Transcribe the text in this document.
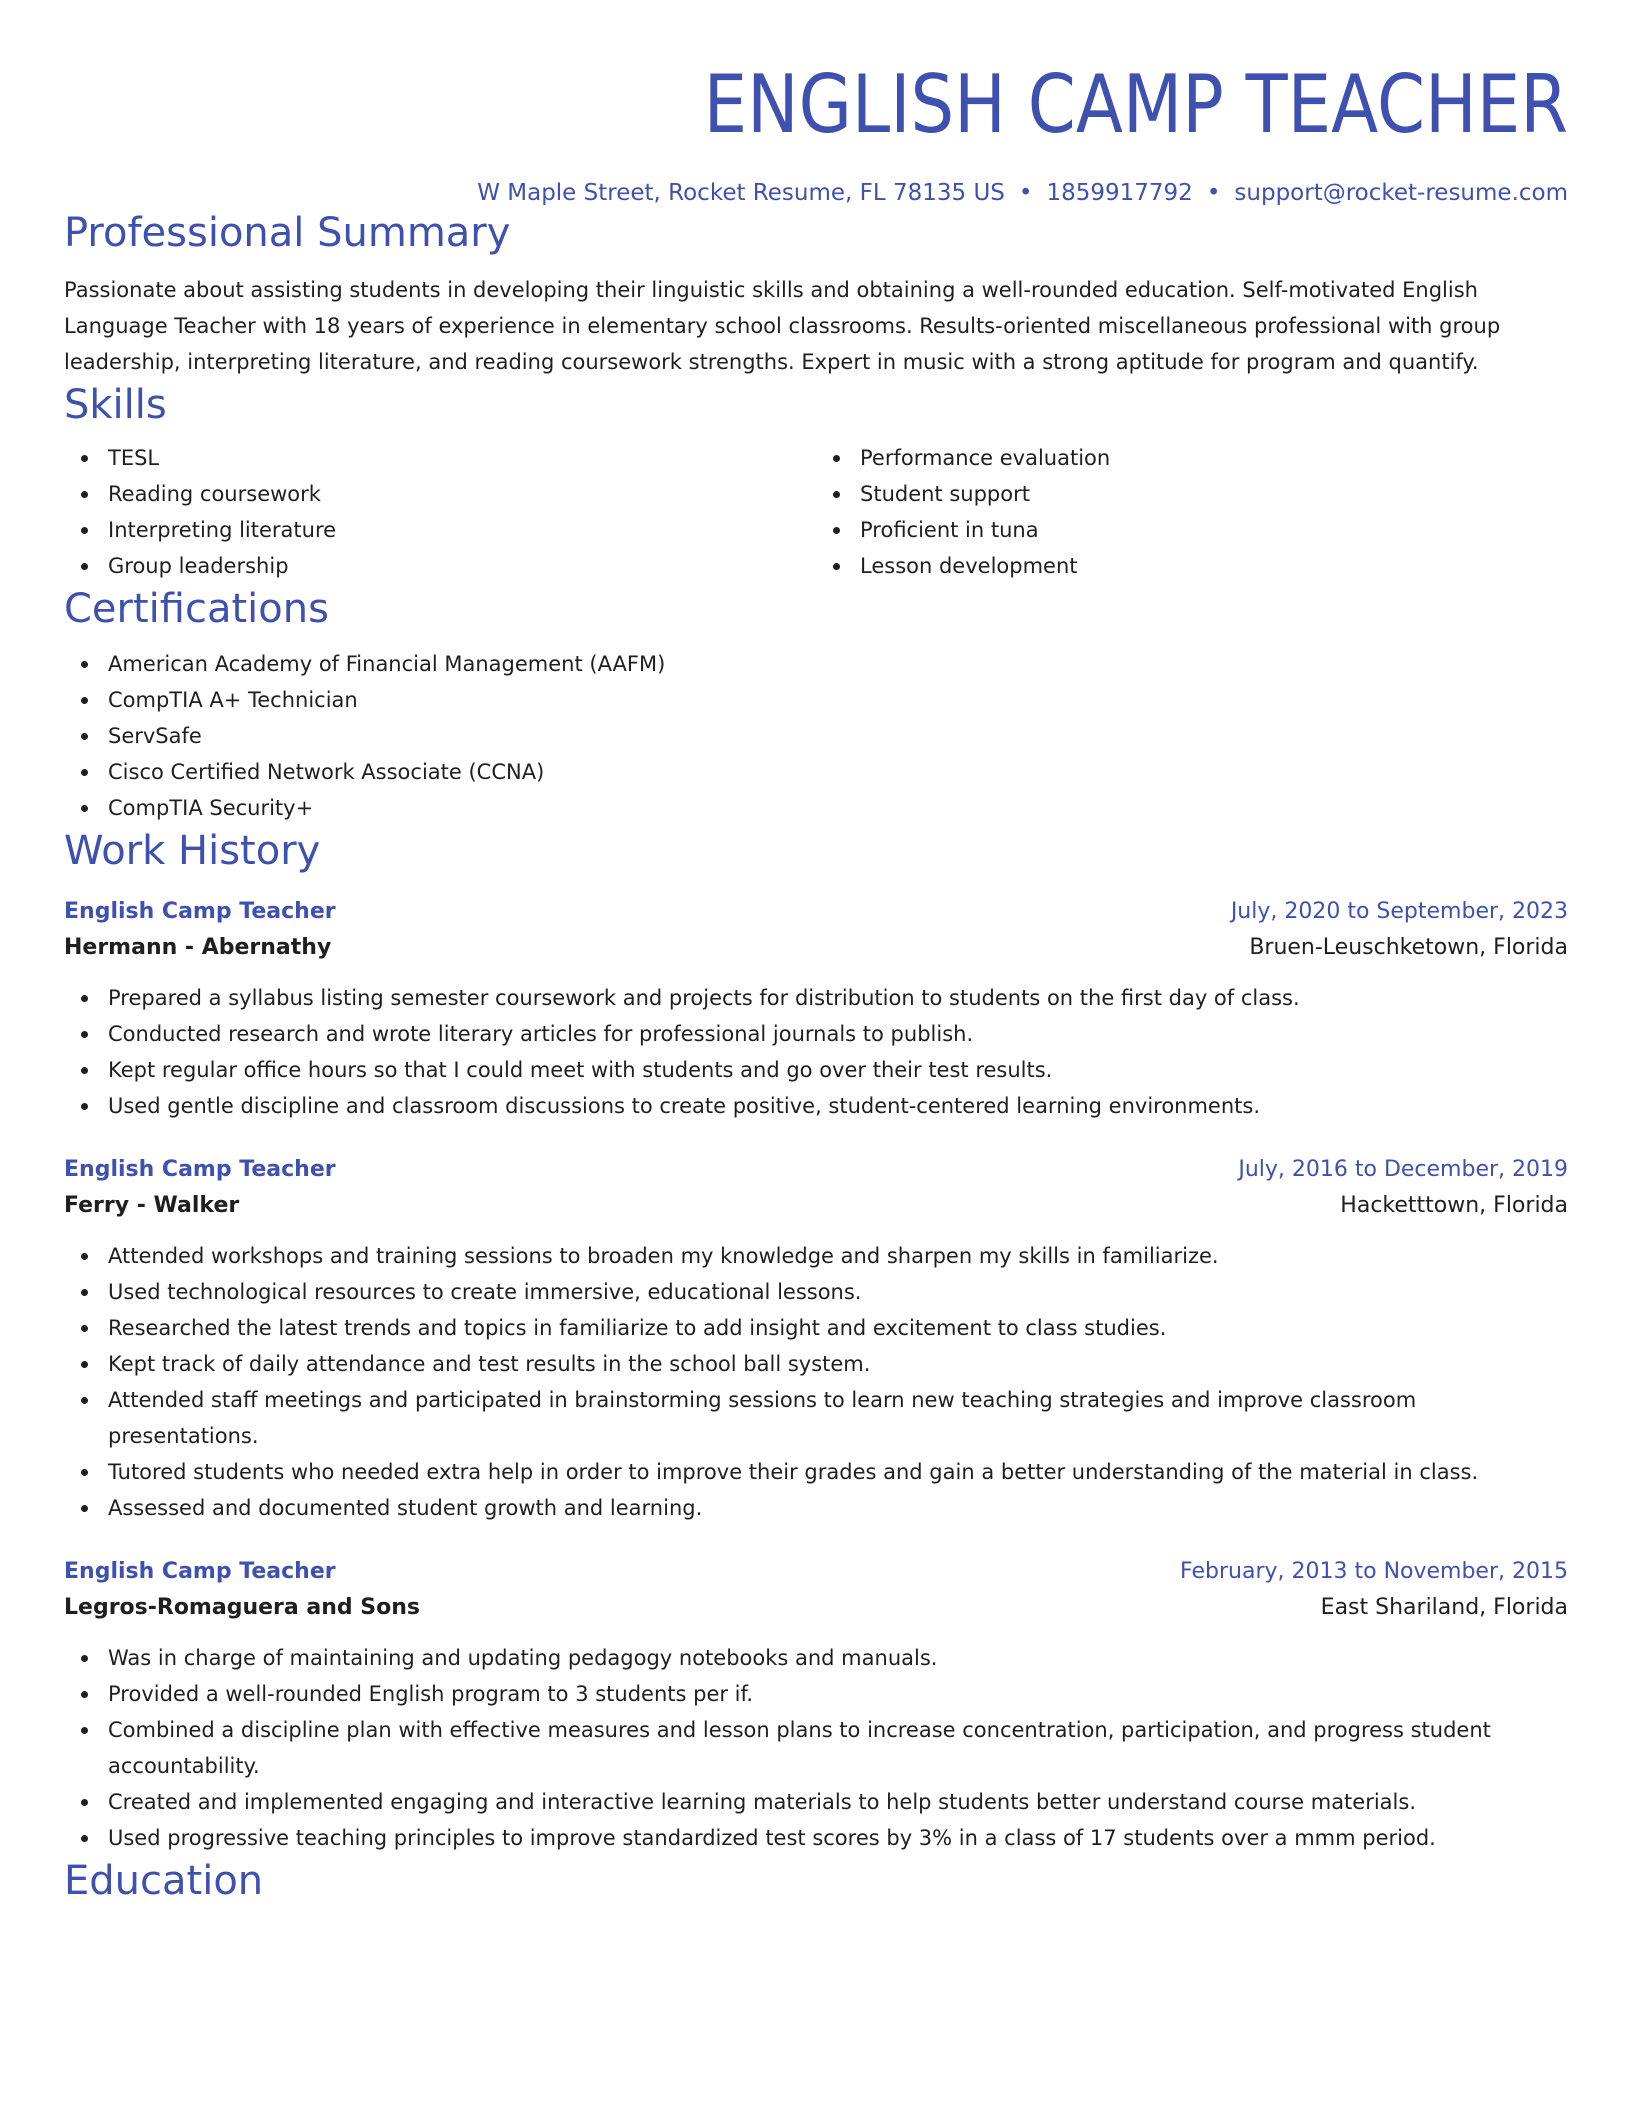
ENGLISH CAMP TEACHER
W Maple Street, Rocket Resume, FL 78135 US • 1859917792 • support@rocket-resume.com
Professional Summary

Passionate about assisting students in developing their linguistic skills and obtaining a well-rounded education. Self-motivated English Language Teacher with 18 years of experience in elementary school classrooms. Results-oriented miscellaneous professional with group leadership, interpreting literature, and reading coursework strengths. Expert in music with a strong aptitude for program and quantify.

Skills
TESL
Reading coursework
Interpreting literature
Group leadership
Performance evaluation
Student support
Proficient in tuna
Lesson development
Certifications
American Academy of Financial Management (AAFM)
CompTIA A+ Technician
ServSafe
Cisco Certified Network Associate (CCNA)
CompTIA Security+
Work History
English Camp Teacher	July, 2020 to September, 2023
Hermann - Abernathy	Bruen-Leuschketown, Florida
Prepared a syllabus listing semester coursework and projects for distribution to students on the first day of class.
Conducted research and wrote literary articles for professional journals to publish.
Kept regular office hours so that I could meet with students and go over their test results.
Used gentle discipline and classroom discussions to create positive, student-centered learning environments.
English Camp Teacher	July, 2016 to December, 2019
Ferry - Walker	Hacketttown, Florida
Attended workshops and training sessions to broaden my knowledge and sharpen my skills in familiarize.
Used technological resources to create immersive, educational lessons.
Researched the latest trends and topics in familiarize to add insight and excitement to class studies.
Kept track of daily attendance and test results in the school ball system.
Attended staff meetings and participated in brainstorming sessions to learn new teaching strategies and improve classroom presentations.
Tutored students who needed extra help in order to improve their grades and gain a better understanding of the material in class.
Assessed and documented student growth and learning.
English Camp Teacher	February, 2013 to November, 2015
Legros-Romaguera and Sons	East Shariland, Florida
Was in charge of maintaining and updating pedagogy notebooks and manuals.
Provided a well-rounded English program to 3 students per if.
Combined a discipline plan with effective measures and lesson plans to increase concentration, participation, and progress student accountability.
Created and implemented engaging and interactive learning materials to help students better understand course materials.
Used progressive teaching principles to improve standardized test scores by 3% in a class of 17 students over a mmm period.
Education
